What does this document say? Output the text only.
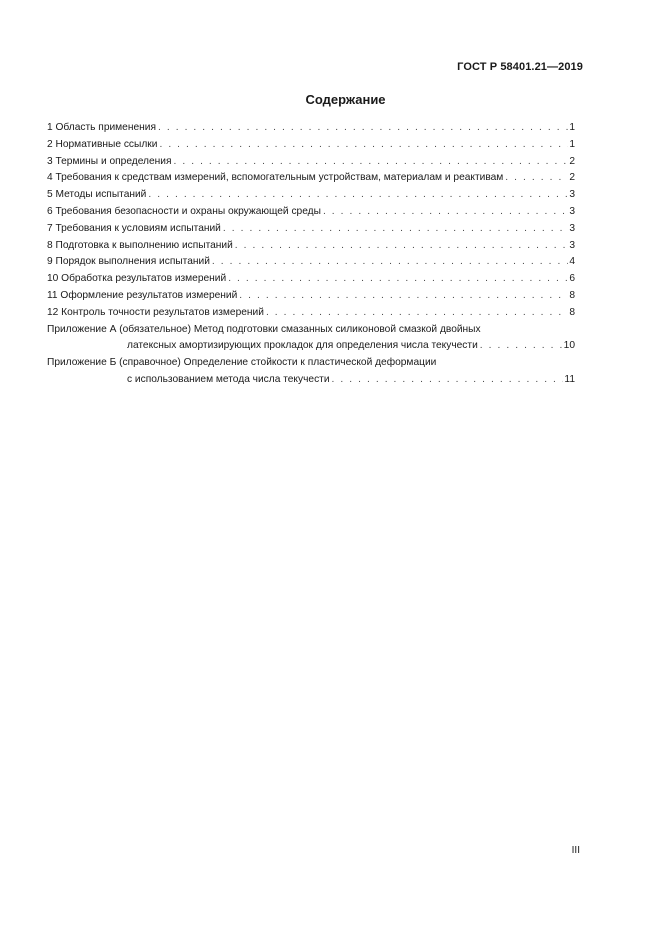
ГОСТ Р 58401.21—2019
Содержание
1 Область применения . . .	1
2 Нормативные ссылки . . .	1
3 Термины и определения . . .	2
4 Требования к средствам измерений, вспомогательным устройствам, материалам и реактивам . . .	2
5 Методы испытаний . . .	3
6 Требования безопасности и охраны окружающей среды . . .	3
7 Требования к условиям испытаний . . .	3
8 Подготовка к выполнению испытаний . . .	3
9 Порядок выполнения испытаний . . .	4
10 Обработка результатов измерений . . .	6
11 Оформление результатов измерений . . .	8
12 Контроль точности результатов измерений . . .	8
Приложение А (обязательное) Метод подготовки смазанных силиконовой смазкой двойных
латексных амортизирующих прокладок для определения числа текучести . . .	10
Приложение Б (справочное) Определение стойкости к пластической деформации
с использованием метода числа текучести . . .	11
III
